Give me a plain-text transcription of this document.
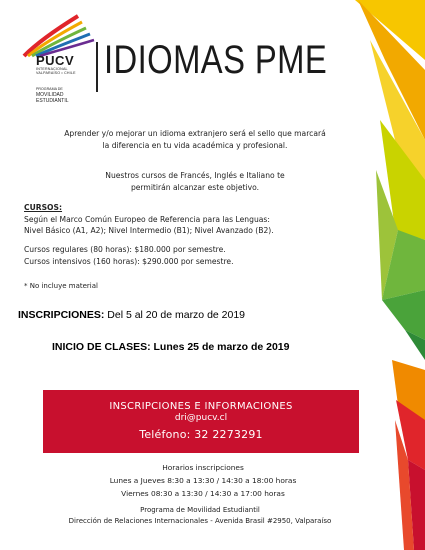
PUCV
INTERNACIONAL
VALPARAÍSO • CHILE
PROGRAMA DE
MOVILIDAD
ESTUDIANTIL
IDIOMAS PME
Aprender y/o mejorar un idioma extranjero será el sello que marcará
la diferencia en tu vida académica y profesional.
Nuestros cursos de Francés, Inglés e Italiano te
permitirán alcanzar este objetivo.
CURSOS:
Según el Marco Común Europeo de Referencia para las Lenguas:
Nivel Básico (A1, A2); Nivel Intermedio (B1); Nivel Avanzado (B2).
Cursos regulares (80 horas): $180.000 por semestre.
Cursos intensivos (160 horas): $290.000 por semestre.
* No incluye material
INSCRIPCIONES: Del 5 al 20 de marzo de 2019
INICIO DE CLASES: Lunes 25 de marzo de 2019
INSCRIPCIONES E INFORMACIONES
dri@pucv.cl
Teléfono: 32 2273291
Horarios inscripciones
Lunes a Jueves 8:30 a 13:30 / 14:30 a 18:00 horas
Viernes 08:30 a 13:30 / 14:30 a 17:00 horas
Programa de Movilidad Estudiantil
Dirección de Relaciones Internacionales - Avenida Brasil #2950, Valparaíso
